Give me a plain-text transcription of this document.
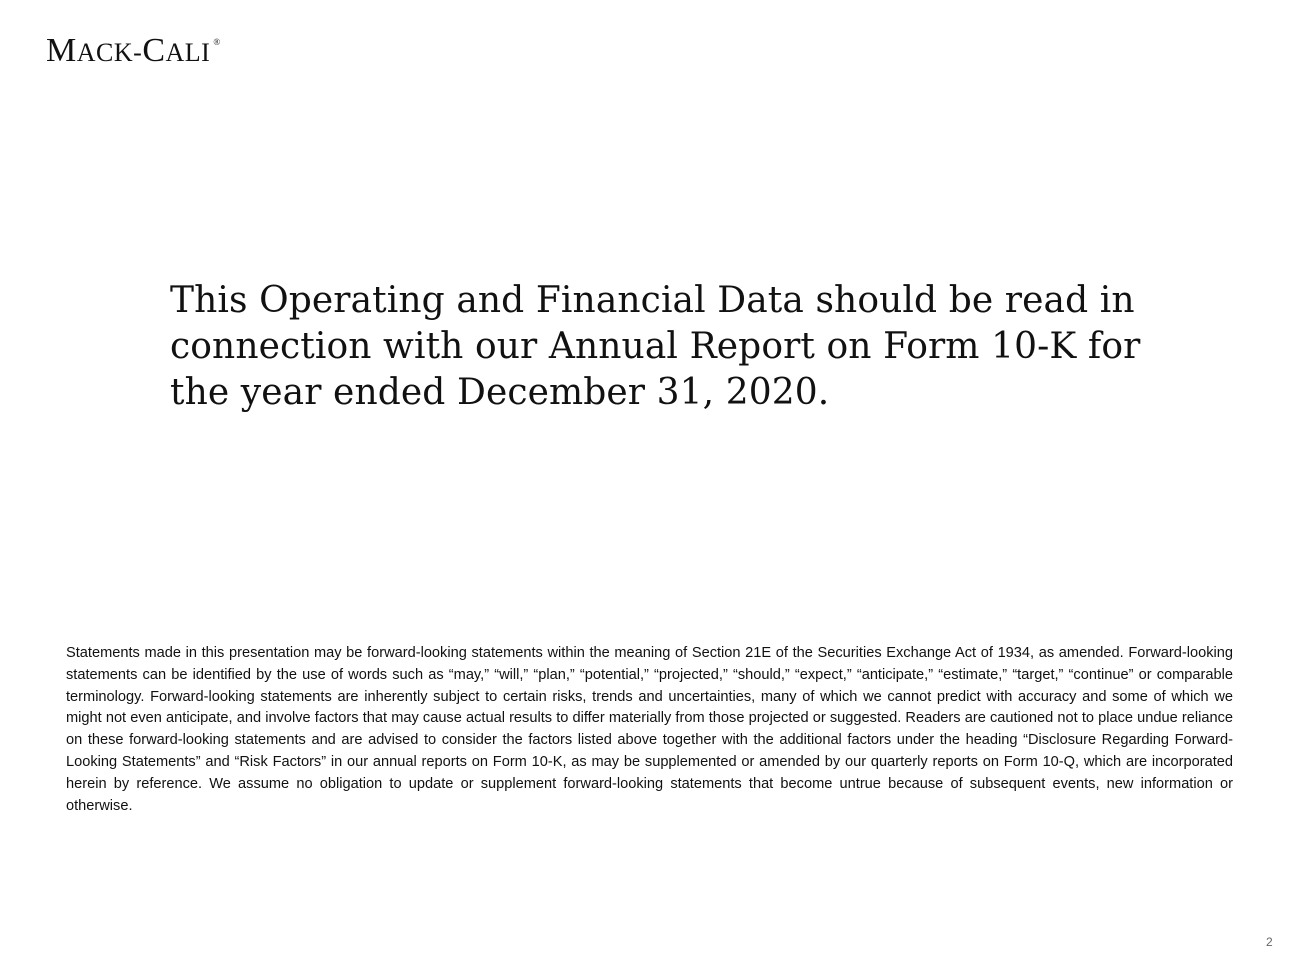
MACK-CALI ®
This Operating and Financial Data should be read in
connection with our Annual Report on Form 10-K for
the year ended December 31, 2020.
Statements made in this presentation may be forward-looking statements within the meaning of Section 21E of the Securities Exchange Act of 1934, as amended. Forward-looking statements can be identified by the use of words such as “may,” “will,” “plan,” “potential,” “projected,” “should,” “expect,” “anticipate,” “estimate,” “target,” “continue” or comparable terminology. Forward-looking statements are inherently subject to certain risks, trends and uncertainties, many of which we cannot predict with accuracy and some of which we might not even anticipate, and involve factors that may cause actual results to differ materially from those projected or suggested. Readers are cautioned not to place undue reliance on these forward-looking statements and are advised to consider the factors listed above together with the additional factors under the heading “Disclosure Regarding Forward-Looking Statements” and “Risk Factors” in our annual reports on Form 10-K, as may be supplemented or amended by our quarterly reports on Form 10-Q, which are incorporated herein by reference. We assume no obligation to update or supplement forward-looking statements that become untrue because of subsequent events, new information or otherwise.
2
